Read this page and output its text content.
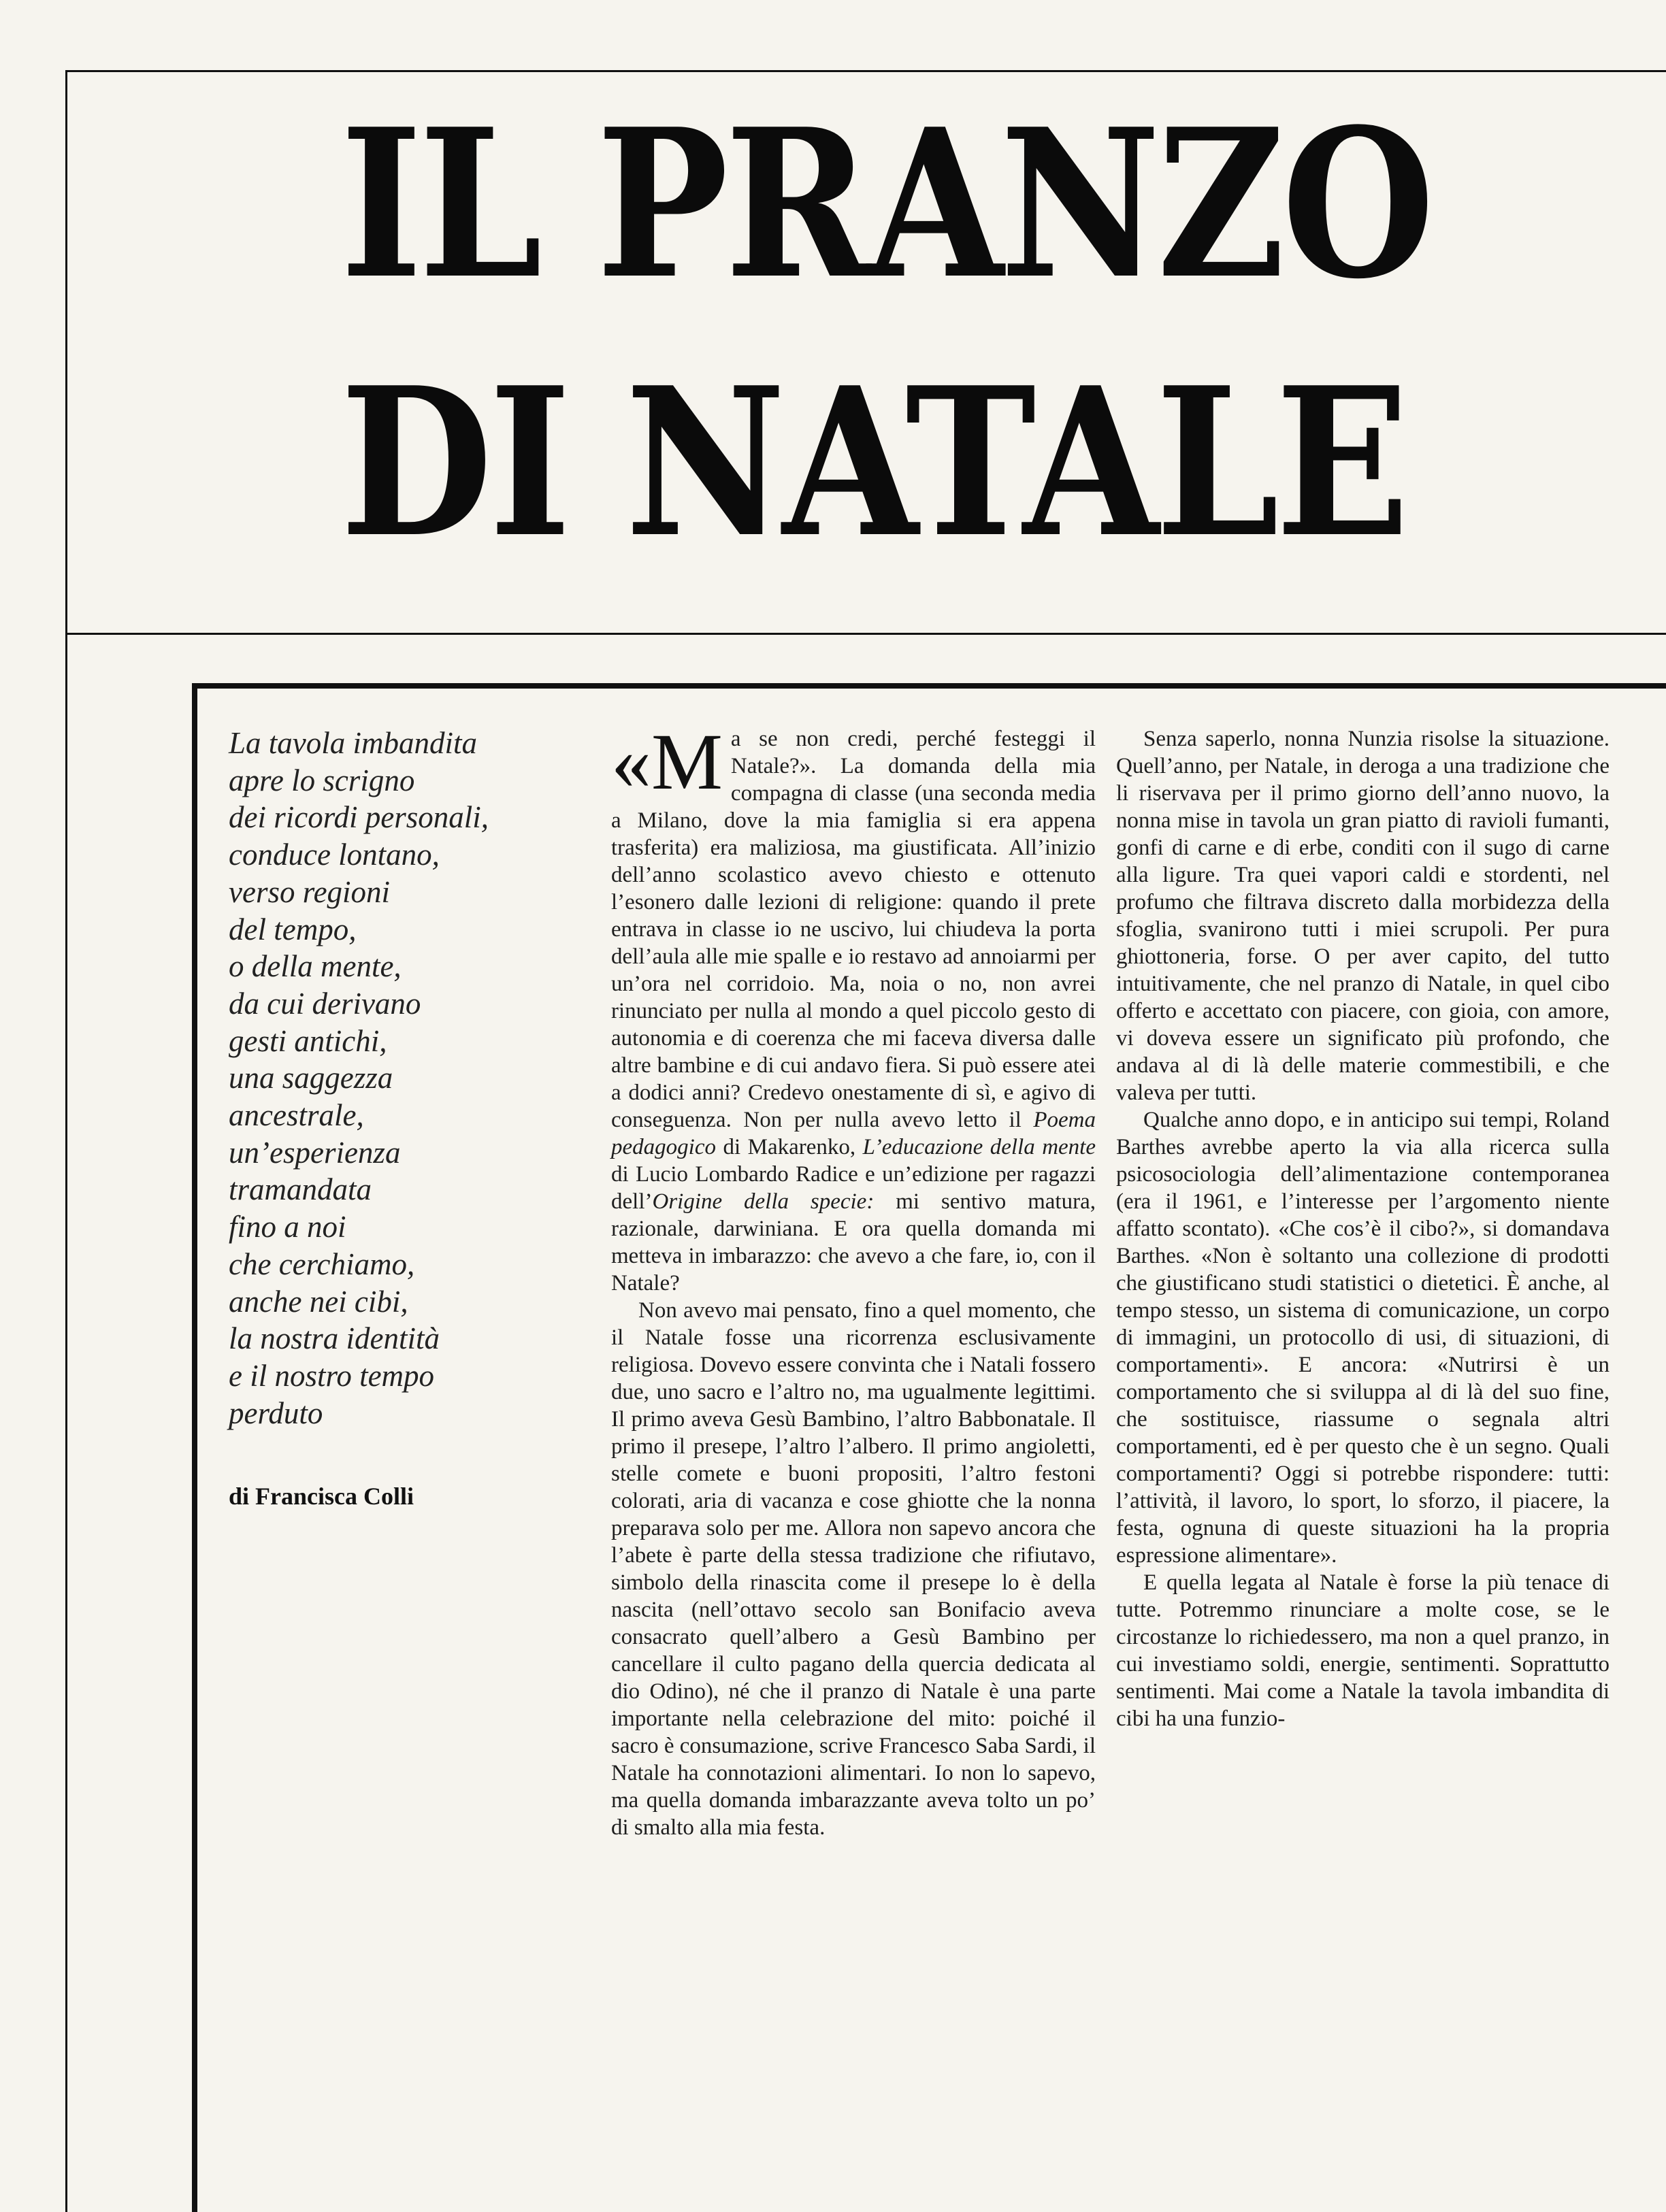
IL PRANZO
DI NATALE
La tavola imbandita
apre lo scrigno
dei ricordi personali,
conduce lontano,
verso regioni
del tempo,
o della mente,
da cui derivano
gesti antichi,
una saggezza
ancestrale,
un’esperienza
tramandata
fino a noi
che cerchiamo,
anche nei cibi,
la nostra identità
e il nostro tempo
perduto
di Francisca Colli

«Ma se non credi, perché festeggi il Natale?». La domanda della mia compagna di classe (una seconda media a Milano, dove la mia famiglia si era appena trasferita) era maliziosa, ma giustificata. All’inizio dell’anno scolastico avevo chiesto e ottenuto l’esonero dalle lezioni di religione: quando il prete entrava in classe io ne uscivo, lui chiudeva la porta dell’aula alle mie spalle e io restavo ad annoiarmi per un’ora nel corridoio. Ma, noia o no, non avrei rinunciato per nulla al mondo a quel piccolo gesto di autonomia e di coerenza che mi faceva diversa dalle altre bambine e di cui andavo fiera. Si può essere atei a dodici anni? Credevo onestamente di sì, e agivo di conseguenza. Non per nulla avevo letto il Poema pedagogico di Makarenko, L’educazione della mente di Lucio Lombardo Radice e un’edizione per ragazzi dell’Origine della specie: mi sentivo matura, razionale, darwiniana. E ora quella domanda mi metteva in imbarazzo: che avevo a che fare, io, con il Natale?

Non avevo mai pensato, fino a quel momento, che il Natale fosse una ricorrenza esclusivamente religiosa. Dovevo essere convinta che i Natali fossero due, uno sacro e l’altro no, ma ugualmente legittimi. Il primo aveva Gesù Bambino, l’altro Babbonatale. Il primo il presepe, l’altro l’albero. Il primo angioletti, stelle comete e buoni propositi, l’altro festoni colorati, aria di vacanza e cose ghiotte che la nonna preparava solo per me. Allora non sapevo ancora che l’abete è parte della stessa tradizione che rifiutavo, simbolo della rinascita come il presepe lo è della nascita (nell’ottavo secolo san Bonifacio aveva consacrato quell’albero a Gesù Bambino per cancellare il culto pagano della quercia dedicata al dio Odino), né che il pranzo di Natale è una parte importante nella celebrazione del mito: poiché il sacro è consumazione, scrive Francesco Saba Sardi, il Natale ha connotazioni alimentari. Io non lo sapevo, ma quella domanda imbarazzante aveva tolto un po’ di smalto alla mia festa.

Senza saperlo, nonna Nunzia risolse la situazione. Quell’anno, per Natale, in deroga a una tradizione che li riservava per il primo giorno dell’anno nuovo, la nonna mise in tavola un gran piatto di ravioli fumanti, gonfi di carne e di erbe, conditi con il sugo di carne alla ligure. Tra quei vapori caldi e stordenti, nel profumo che filtrava discreto dalla morbidezza della sfoglia, svanirono tutti i miei scrupoli. Per pura ghiottoneria, forse. O per aver capito, del tutto intuitivamente, che nel pranzo di Natale, in quel cibo offerto e accettato con piacere, con gioia, con amore, vi doveva essere un significato più profondo, che andava al di là delle materie commestibili, e che valeva per tutti.

Qualche anno dopo, e in anticipo sui tempi, Roland Barthes avrebbe aperto la via alla ricerca sulla psicosociologia dell’alimentazione contemporanea (era il 1961, e l’interesse per l’argomento niente affatto scontato). «Che cos’è il cibo?», si domandava Barthes. «Non è soltanto una collezione di prodotti che giustificano studi statistici o dietetici. È anche, al tempo stesso, un sistema di comunicazione, un corpo di immagini, un protocollo di usi, di situazioni, di comportamenti». E ancora: «Nutrirsi è un comportamento che si sviluppa al di là del suo fine, che sostituisce, riassume o segnala altri comportamenti, ed è per questo che è un segno. Quali comportamenti? Oggi si potrebbe rispondere: tutti: l’attività, il lavoro, lo sport, lo sforzo, il piacere, la festa, ognuna di queste situazioni ha la propria espressione alimentare».

E quella legata al Natale è forse la più tenace di tutte. Potremmo rinunciare a molte cose, se le circostanze lo richiedessero, ma non a quel pranzo, in cui investiamo soldi, energie, sentimenti. Soprattutto sentimenti. Mai come a Natale la tavola imbandita di cibi ha una funzio-
